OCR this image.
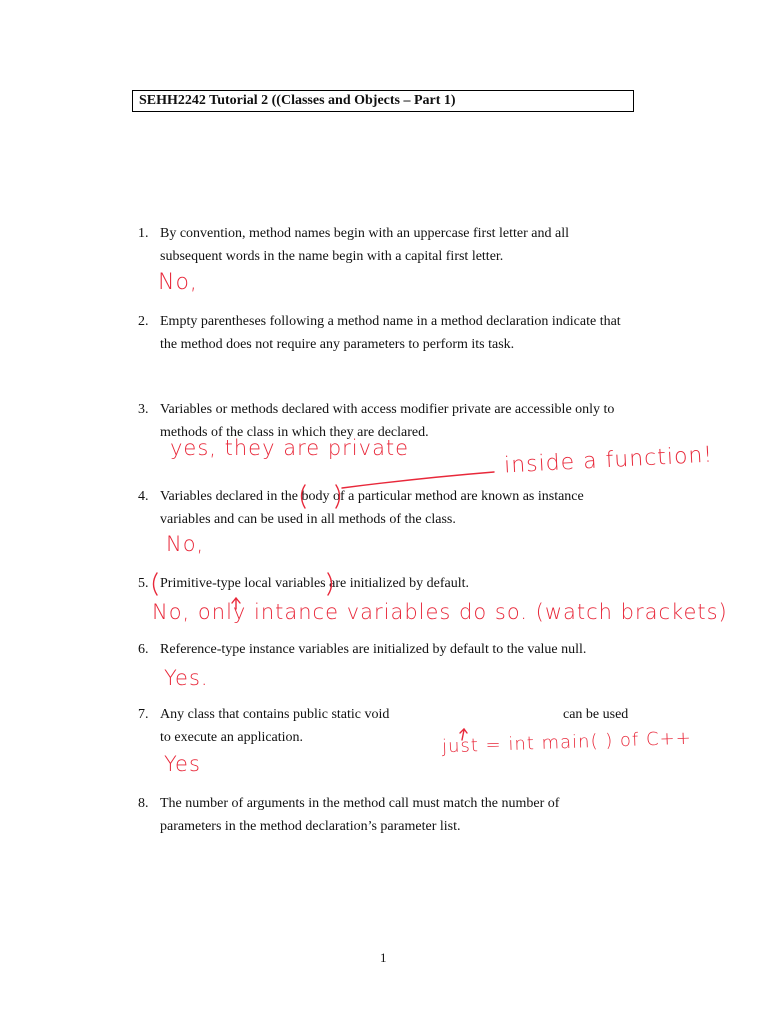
SEHH2242 Tutorial 2 ((Classes and Objects – Part 1)
1. By convention, method names begin with an uppercase first letter and all
subsequent words in the name begin with a capital first letter.
No,
2. Empty parentheses following a method name in a method declaration indicate that
the method does not require any parameters to perform its task.
3. Variables or methods declared with access modifier private are accessible only to
methods of the class in which they are declared.
yes, they are private	inside a function!
4. Variables declared in the body of a particular method are known as instance
variables and can be used in all methods of the class.
No,
5. Primitive-type local variables are initialized by default.
No, only intance variables do so. (watch brackets)
6. Reference-type instance variables are initialized by default to the value null.
Yes.
7. Any class that contains public static void	can be used
to execute an application.	just = int main( ) of C++
Yes
8. The number of arguments in the method call must match the number of
parameters in the method declaration’s parameter list.
1
